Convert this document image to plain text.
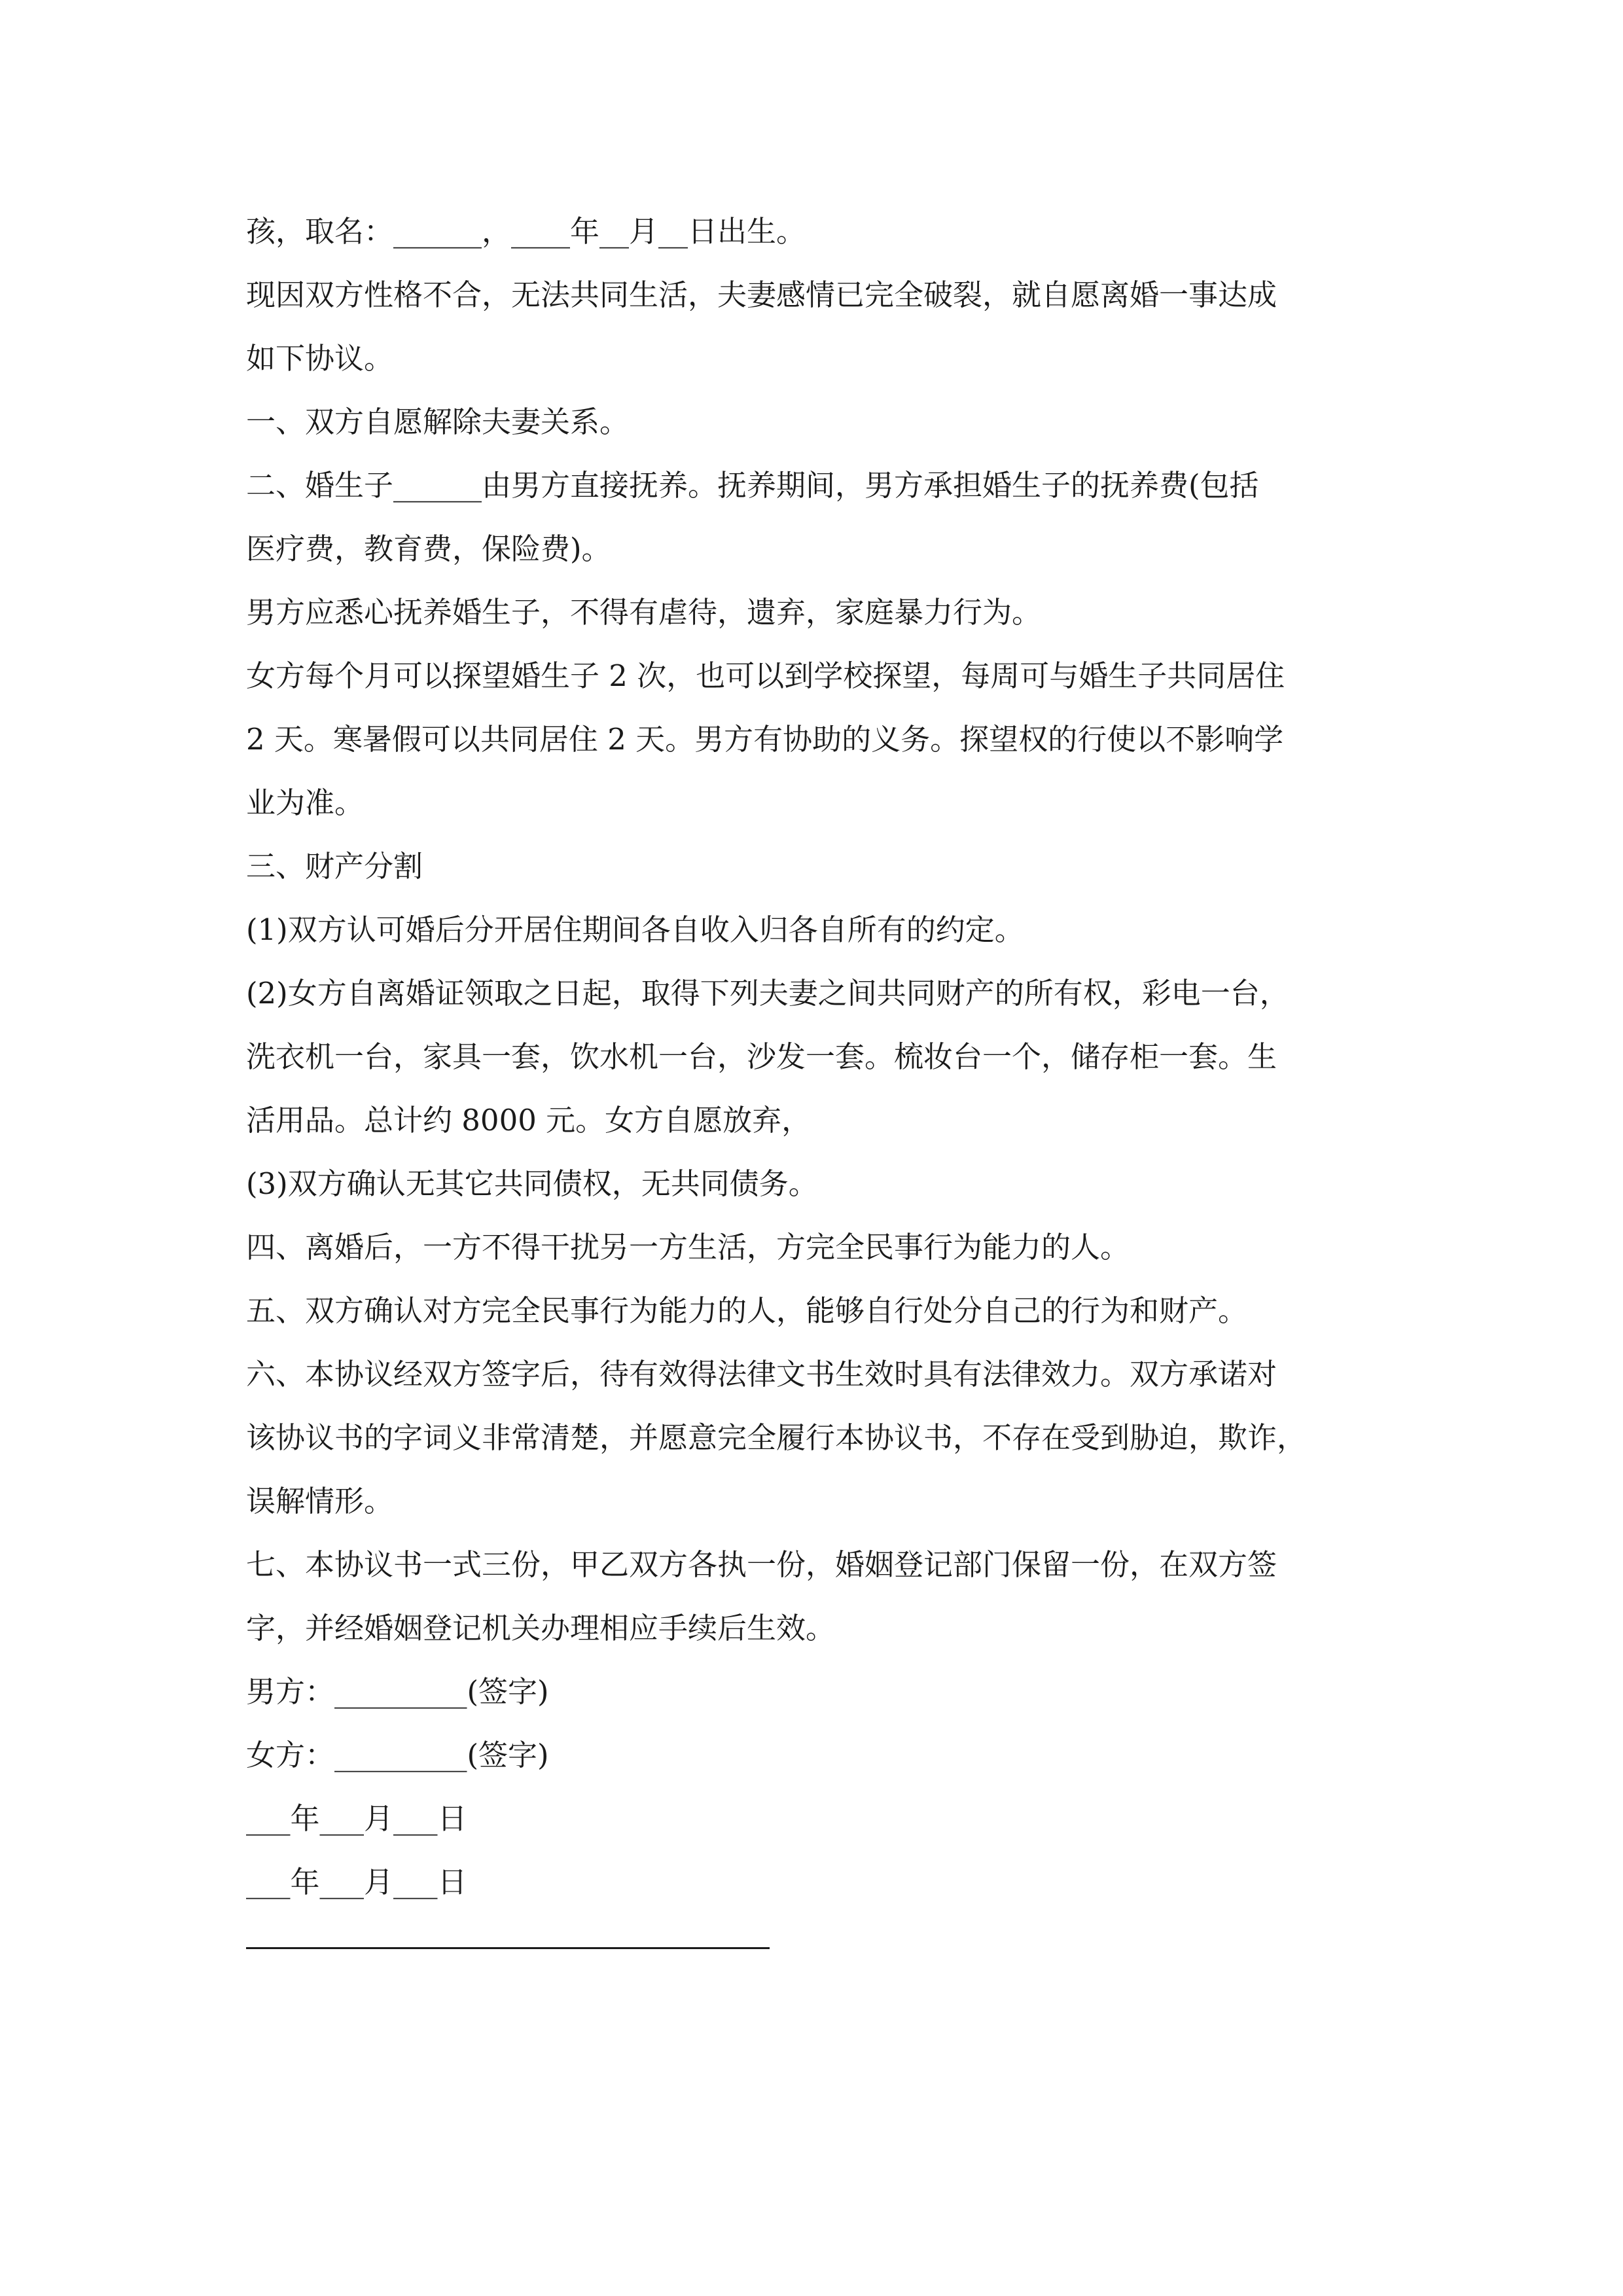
孩，取名：______，____年__月__日出生。

现因双方性格不合，无法共同生活，夫妻感情已完全破裂，就自愿离婚一事达成

如下协议。

一、双方自愿解除夫妻关系。

二、婚生子______由男方直接抚养。抚养期间，男方承担婚生子的抚养费(包括

医疗费，教育费，保险费)。

男方应悉心抚养婚生子，不得有虐待，遗弃，家庭暴力行为。

女方每个月可以探望婚生子 2 次，也可以到学校探望，每周可与婚生子共同居住

2 天。寒暑假可以共同居住 2 天。男方有协助的义务。探望权的行使以不影响学

业为准。

三、财产分割

(1)双方认可婚后分开居住期间各自收入归各自所有的约定。

(2)女方自离婚证领取之日起，取得下列夫妻之间共同财产的所有权，彩电一台，

洗衣机一台，家具一套，饮水机一台，沙发一套。梳妆台一个，储存柜一套。生

活用品。总计约 8000 元。女方自愿放弃，

(3)双方确认无其它共同债权，无共同债务。

四、离婚后，一方不得干扰另一方生活，方完全民事行为能力的人。

五、双方确认对方完全民事行为能力的人，能够自行处分自己的行为和财产。

六、本协议经双方签字后，待有效得法律文书生效时具有法律效力。双方承诺对

该协议书的字词义非常清楚，并愿意完全履行本协议书，不存在受到胁迫，欺诈，

误解情形。

七、本协议书一式三份，甲乙双方各执一份，婚姻登记部门保留一份，在双方签

字，并经婚姻登记机关办理相应手续后生效。

男方：_________(签字)

女方：_________(签字)

___年___月___日

___年___月___日
